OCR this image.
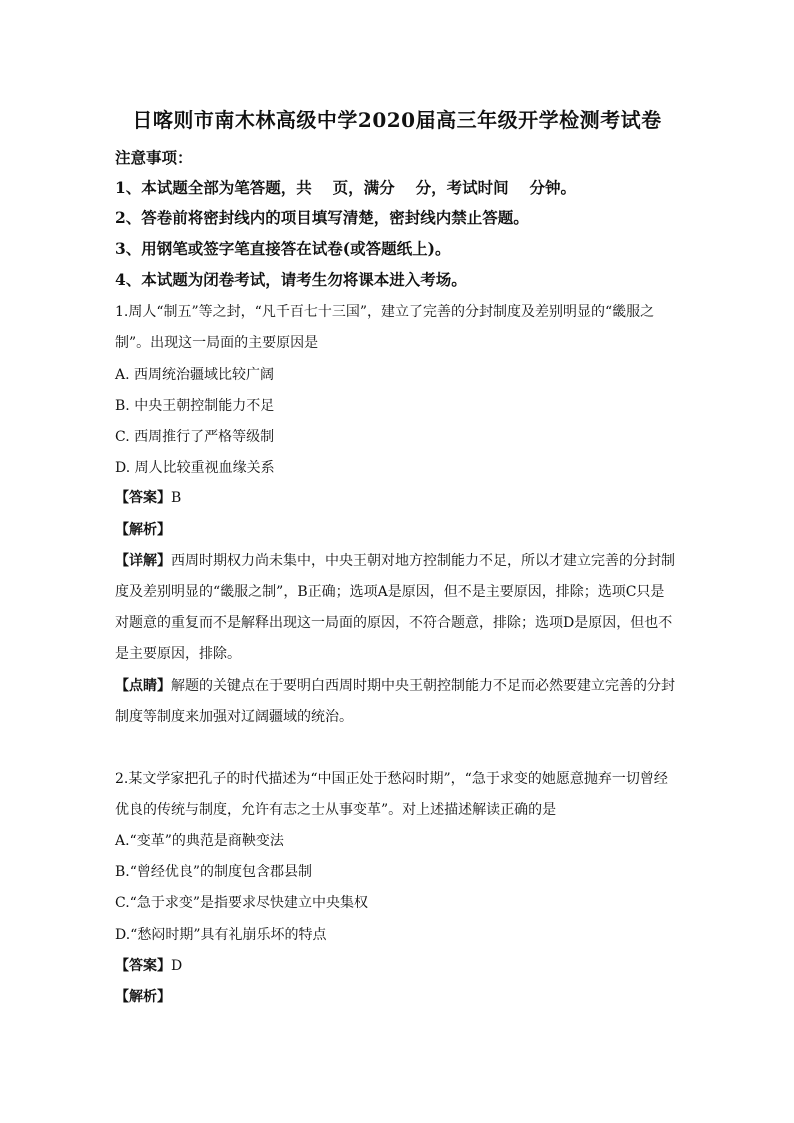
日喀则市南木林高级中学2020届高三年级开学检测考试卷
注意事项：
1、本试题全部为笔答题，共　 页，满分　 分，考试时间　 分钟。
2、答卷前将密封线内的项目填写清楚，密封线内禁止答题。
3、用钢笔或签字笔直接答在试卷(或答题纸上)。
4、本试题为闭卷考试，请考生勿将课本进入考场。
1.周人“制五”等之封，“凡千百七十三国”，建立了完善的分封制度及差别明显的“畿服之
制”。出现这一局面的主要原因是
A. 西周统治疆域比较广阔
B. 中央王朝控制能力不足
C. 西周推行了严格等级制
D. 周人比较重视血缘关系
【答案】B
【解析】
【详解】西周时期权力尚未集中，中央王朝对地方控制能力不足，所以才建立完善的分封制
度及差别明显的“畿服之制”，B正确；选项A是原因，但不是主要原因，排除；选项C只是
对题意的重复而不是解释出现这一局面的原因，不符合题意，排除；选项D是原因，但也不
是主要原因，排除。
【点睛】解题的关键点在于要明白西周时期中央王朝控制能力不足而必然要建立完善的分封
制度等制度来加强对辽阔疆域的统治。
2.某文学家把孔子的时代描述为“中国正处于愁闷时期”，“急于求变的她愿意抛弃一切曾经
优良的传统与制度，允许有志之士从事变革”。对上述描述解读正确的是
A.“变革”的典范是商鞅变法
B.“曾经优良”的制度包含郡县制
C.“急于求变”是指要求尽快建立中央集权
D.“愁闷时期”具有礼崩乐坏的特点
【答案】D
【解析】
